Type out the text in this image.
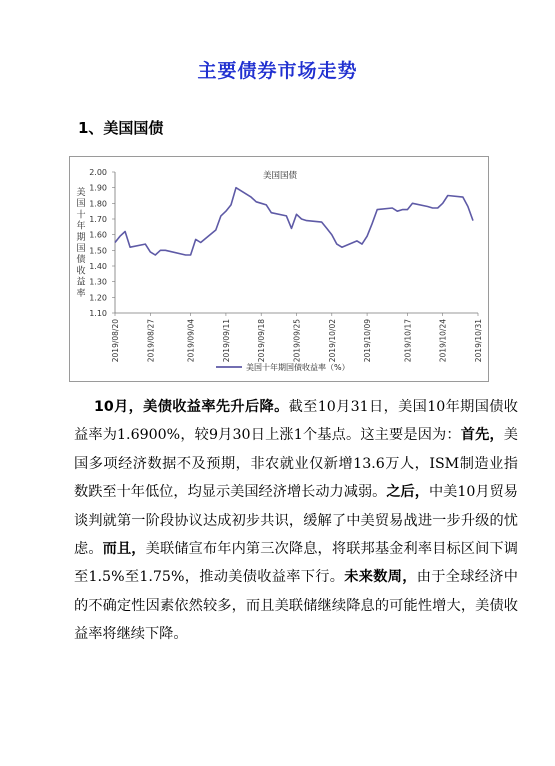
主要债券市场走势
1、美国国债
2.00
1.90
1.80
1.70
1.60
1.50
1.40
1.30
1.20
1.10
2019/08/20	2019/08/27	2019/09/04	2019/09/11	2019/09/18	2019/09/25	2019/10/02	2019/10/09	2019/10/17	2019/10/24	2019/10/31
美国国债
美
国
十
年
期
国
债
收
益
率
美国十年期国债收益率（%）
10月，美债收益率先升后降。截至10月31日，美国10年期国债收益率为1.6900%，较9月30日上涨1个基点。这主要是因为：首先，美国多项经济数据不及预期，非农就业仅新增13.6万人，ISM制造业指数跌至十年低位，均显示美国经济增长动力减弱。之后，中美10月贸易谈判就第一阶段协议达成初步共识，缓解了中美贸易战进一步升级的忧虑。而且，美联储宣布年内第三次降息，将联邦基金利率目标区间下调至1.5%至1.75%，推动美债收益率下行。未来数周，由于全球经济中的不确定性因素依然较多，而且美联储继续降息的可能性增大，美债收益率将继续下降。
